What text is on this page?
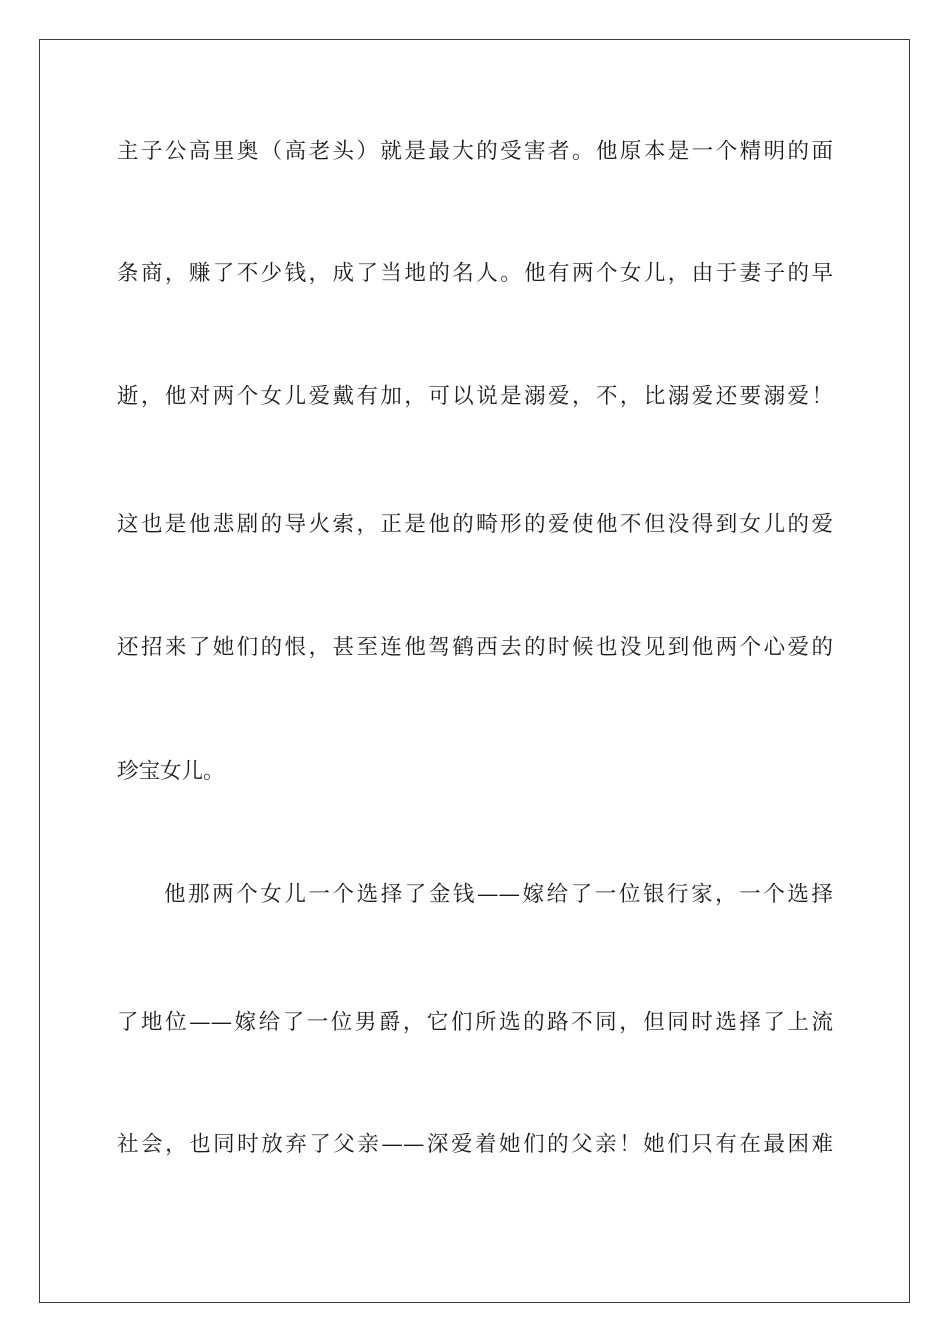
主子公高里奥（高老头）就是最大的受害者。他原本是一个精明的面
条商，赚了不少钱，成了当地的名人。他有两个女儿，由于妻子的早
逝，他对两个女儿爱戴有加，可以说是溺爱，不，比溺爱还要溺爱！
这也是他悲剧的导火索，正是他的畸形的爱使他不但没得到女儿的爱
还招来了她们的恨，甚至连他驾鹤西去的时候也没见到他两个心爱的
珍宝女儿。
他那两个女儿一个选择了金钱——嫁给了一位银行家，一个选择
了地位——嫁给了一位男爵，它们所选的路不同，但同时选择了上流
社会，也同时放弃了父亲——深爱着她们的父亲！她们只有在最困难
